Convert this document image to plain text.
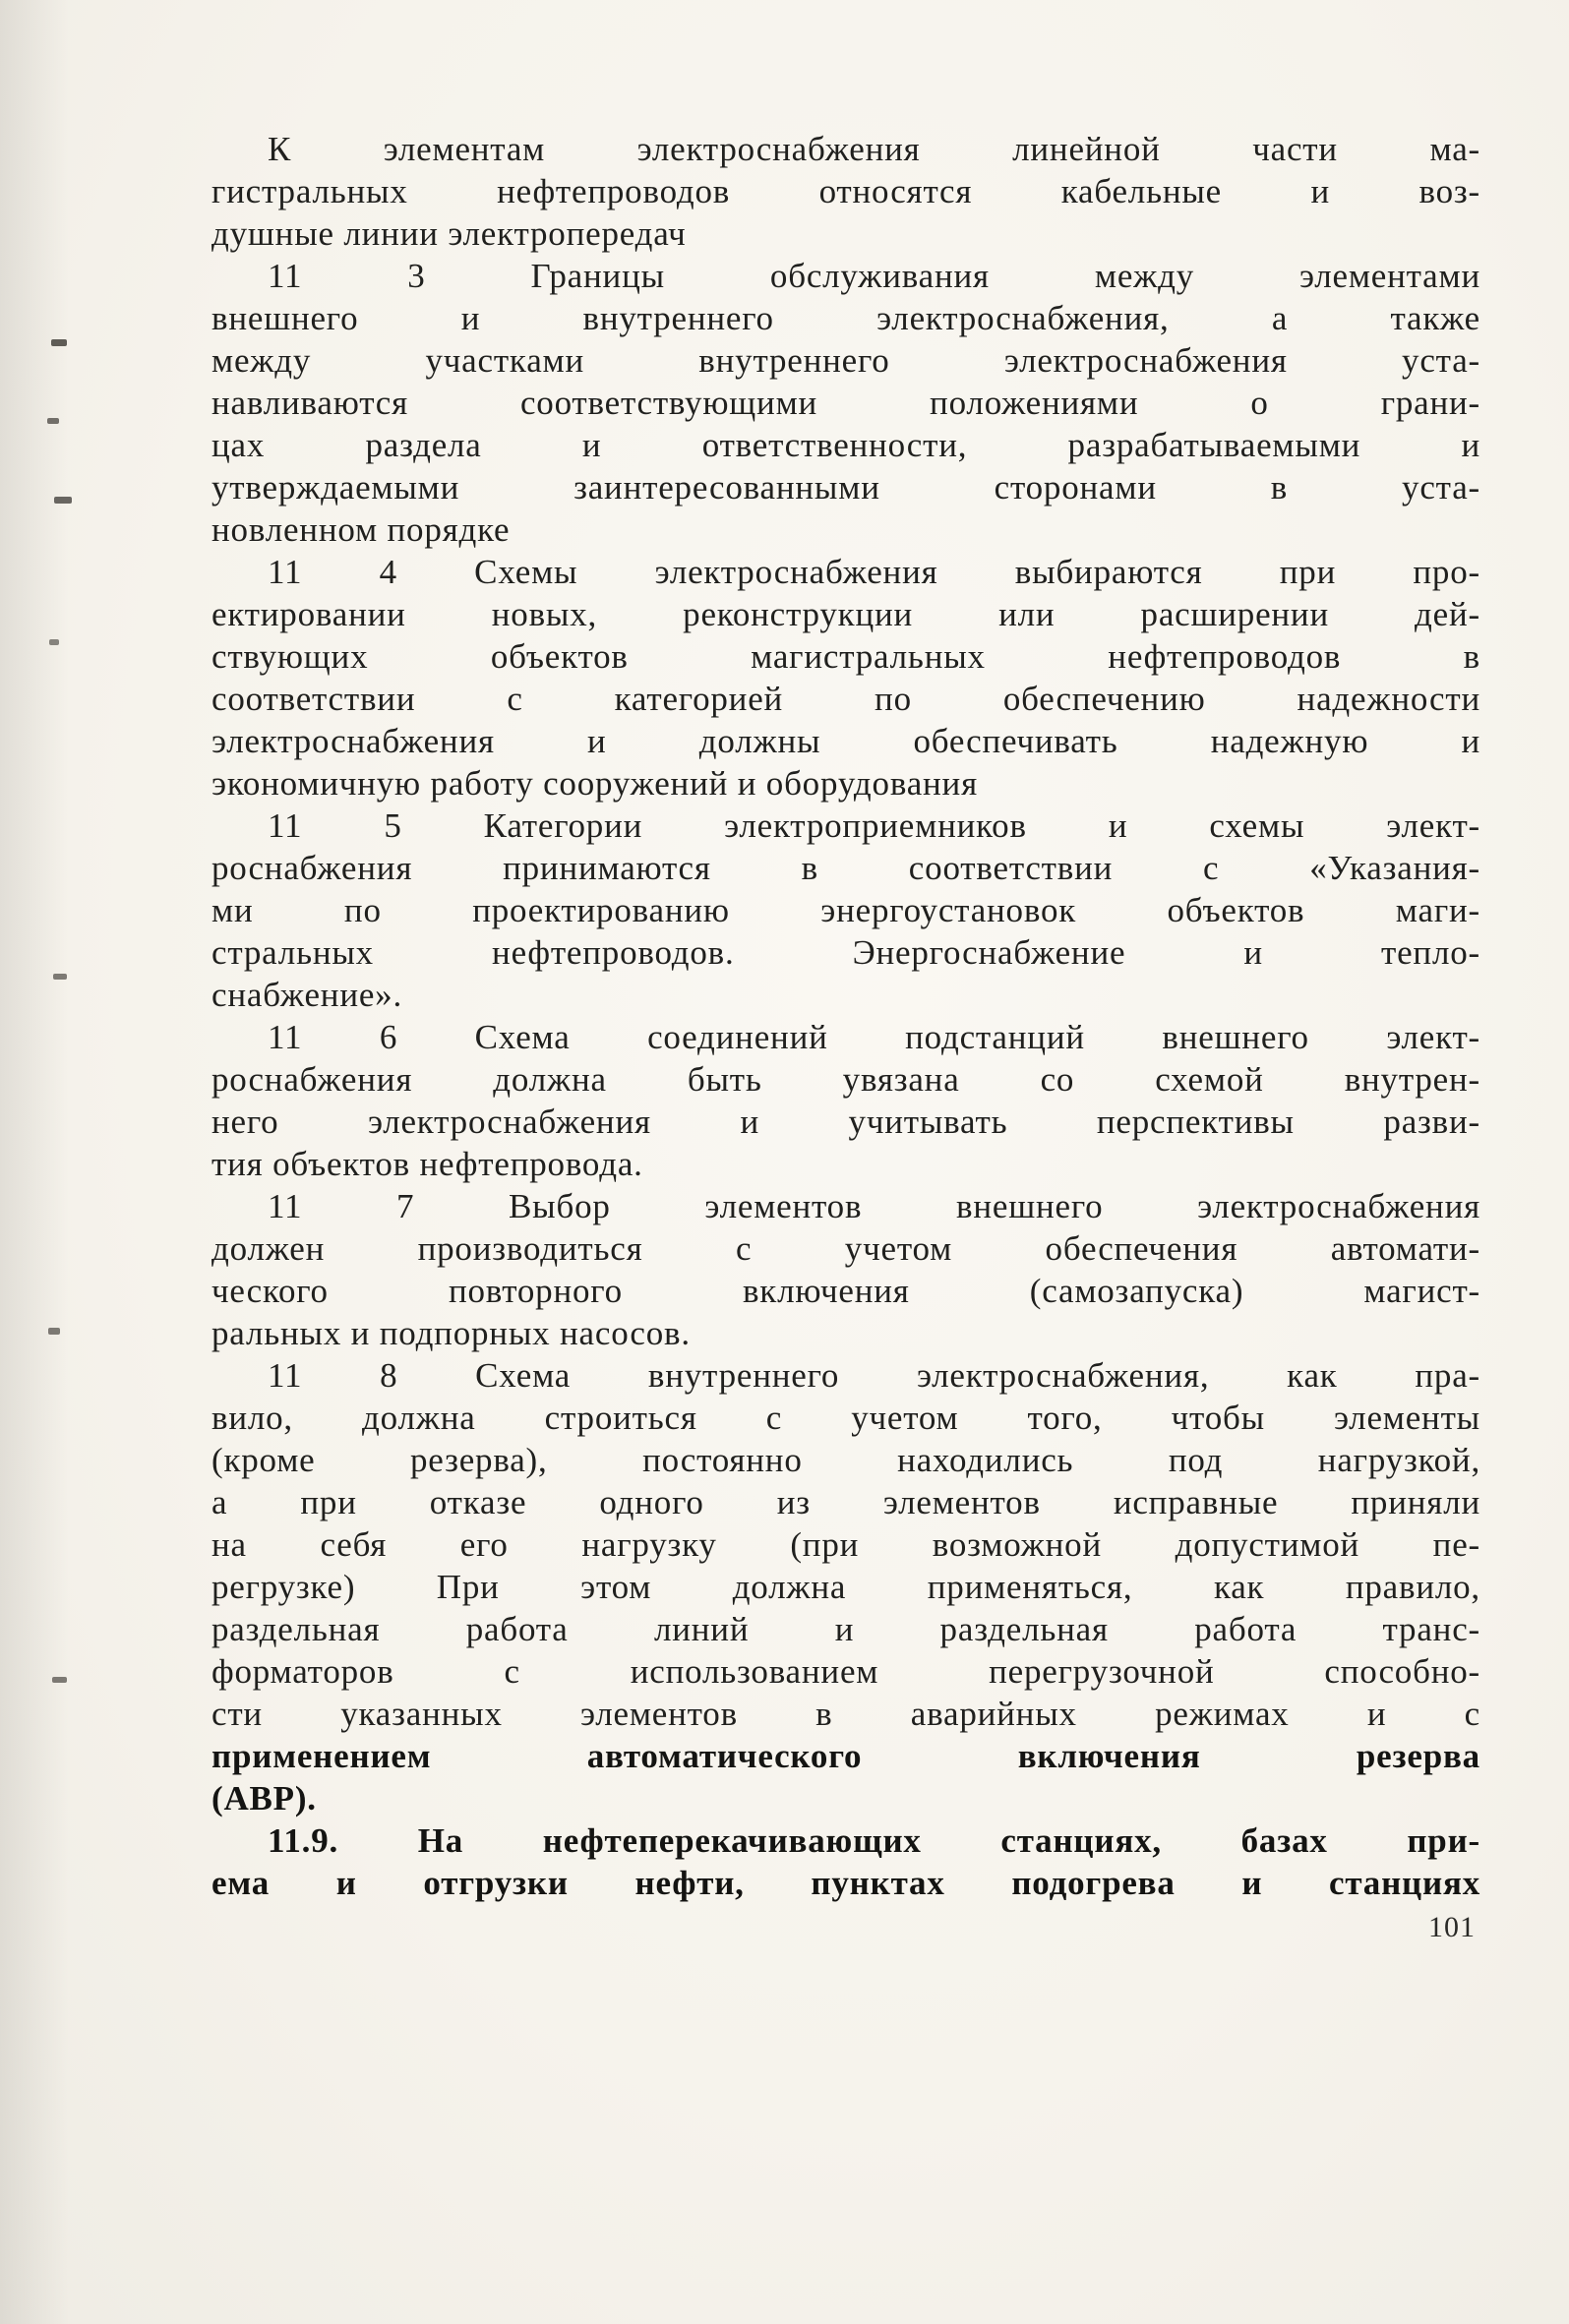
К элементам электроснабжения линейной части ма-
гистральных нефтепроводов относятся кабельные и воз-
душные линии электропередач
11 3 Границы обслуживания между элементами
внешнего и внутреннего электроснабжения, а также
между участками внутреннего электроснабжения уста-
навливаются соответствующими положениями о грани-
цах раздела и ответственности, разрабатываемыми и
утверждаемыми заинтересованными сторонами в уста-
новленном порядке
11 4 Схемы электроснабжения выбираются при про-
ектировании новых, реконструкции или расширении дей-
ствующих объектов магистральных нефтепроводов в
соответствии с категорией по обеспечению надежности
электроснабжения и должны обеспечивать надежную и
экономичную работу сооружений и оборудования
11 5 Категории электроприемников и схемы элект-
роснабжения принимаются в соответствии с «Указания-
ми по проектированию энергоустановок объектов маги-
стральных нефтепроводов. Энергоснабжение и тепло-
снабжение».
11 6 Схема соединений подстанций внешнего элект-
роснабжения должна быть увязана со схемой внутрен-
него электроснабжения и учитывать перспективы разви-
тия объектов нефтепровода.
11 7 Выбор элементов внешнего электроснабжения
должен производиться с учетом обеспечения автомати-
ческого повторного включения (самозапуска) магист-
ральных и подпорных насосов.
11 8 Схема внутреннего электроснабжения, как пра-
вило, должна строиться с учетом того, чтобы элементы
(кроме резерва), постоянно находились под нагрузкой,
а при отказе одного из элементов исправные приняли
на себя его нагрузку (при возможной допустимой пе-
регрузке) При этом должна применяться, как правило,
раздельная работа линий и раздельная работа транс-
форматоров с использованием перегрузочной способно-
сти указанных элементов в аварийных режимах и с
применением автоматического включения резерва
(АВР).
11.9. На нефтеперекачивающих станциях, базах при-
ема и отгрузки нефти, пунктах подогрева и станциях
101
